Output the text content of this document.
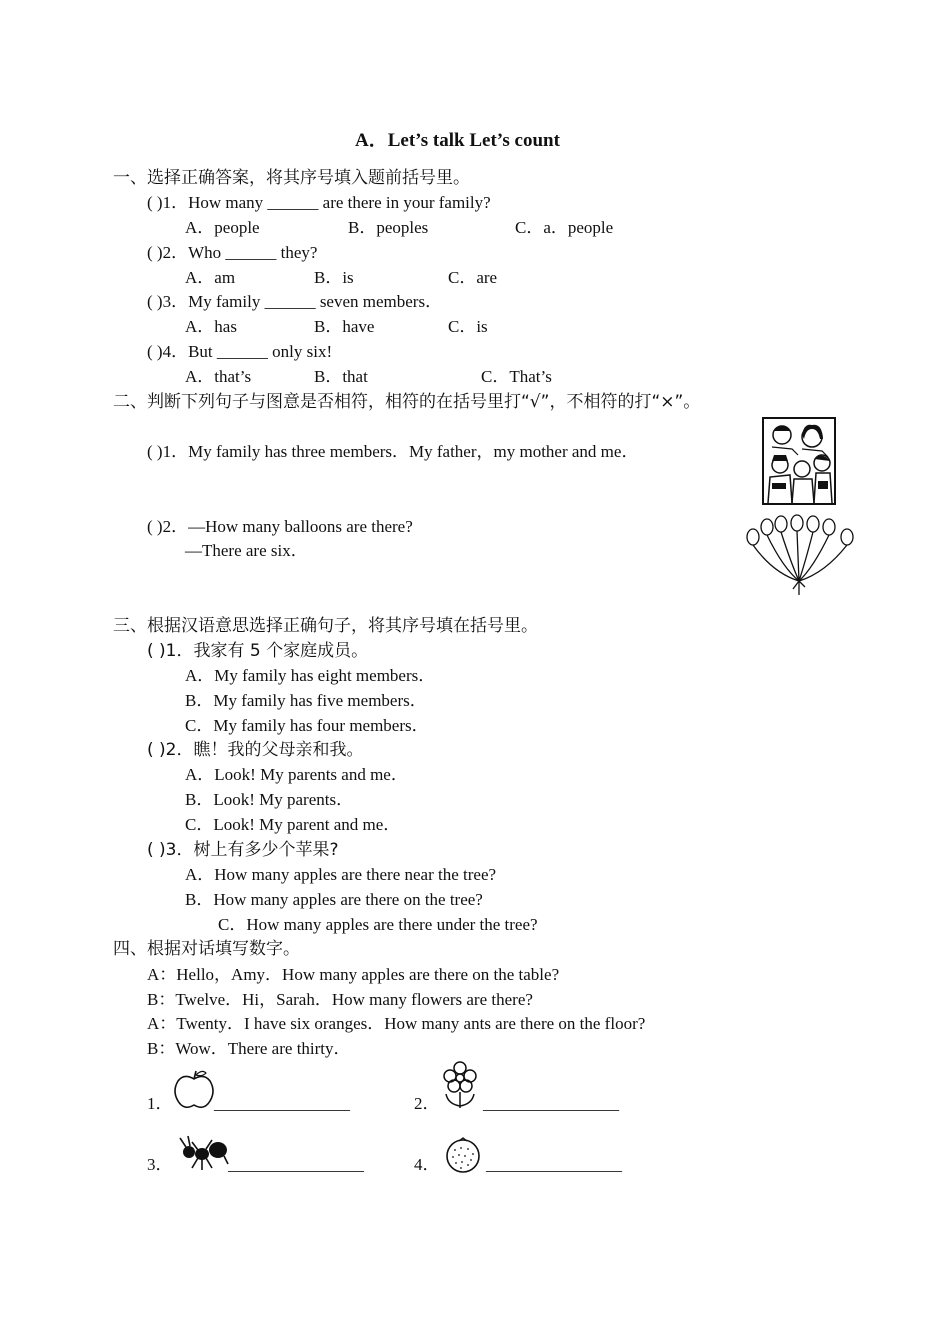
A．Let’s talk Let’s count
一、选择正确答案，将其序号填入题前括号里。
( )1．How many ______ are there in your family?
A．people	B．peoples	C．a．people
( )2．Who ______ they?
A．am	B．is	C．are
( )3．My family ______ seven members．
A．has	B．have	C．is
( )4．But ______ only six!
A．that’s	B．that	C．That’s
二、判断下列句子与图意是否相符，相符的在括号里打“√”，不相符的打“×”。
( )1．My family has three members．My father，my mother and me．
( )2．—How many balloons are there?
—There are six．
三、根据汉语意思选择正确句子，将其序号填在括号里。
( )1．我家有 5 个家庭成员。
A．My family has eight members．
B．My family has five members．
C．My family has four members．
( )2．瞧！我的父母亲和我。
A．Look! My parents and me．
B．Look! My parents．
C．Look! My parent and me．
( )3．树上有多少个苹果?
A．How many apples are there near the tree?
B．How many apples are there on the tree?
C．How many apples are there under the tree?
四、根据对话填写数字。
A：Hello，Amy．How many apples are there on the table?
B：Twelve．Hi，Sarah．How many flowers are there?
A：Twenty．I have six oranges．How many ants are there on the floor?
B：Wow．There are thirty．
1． ________________	2．	________________
3．	________________	4．	________________
